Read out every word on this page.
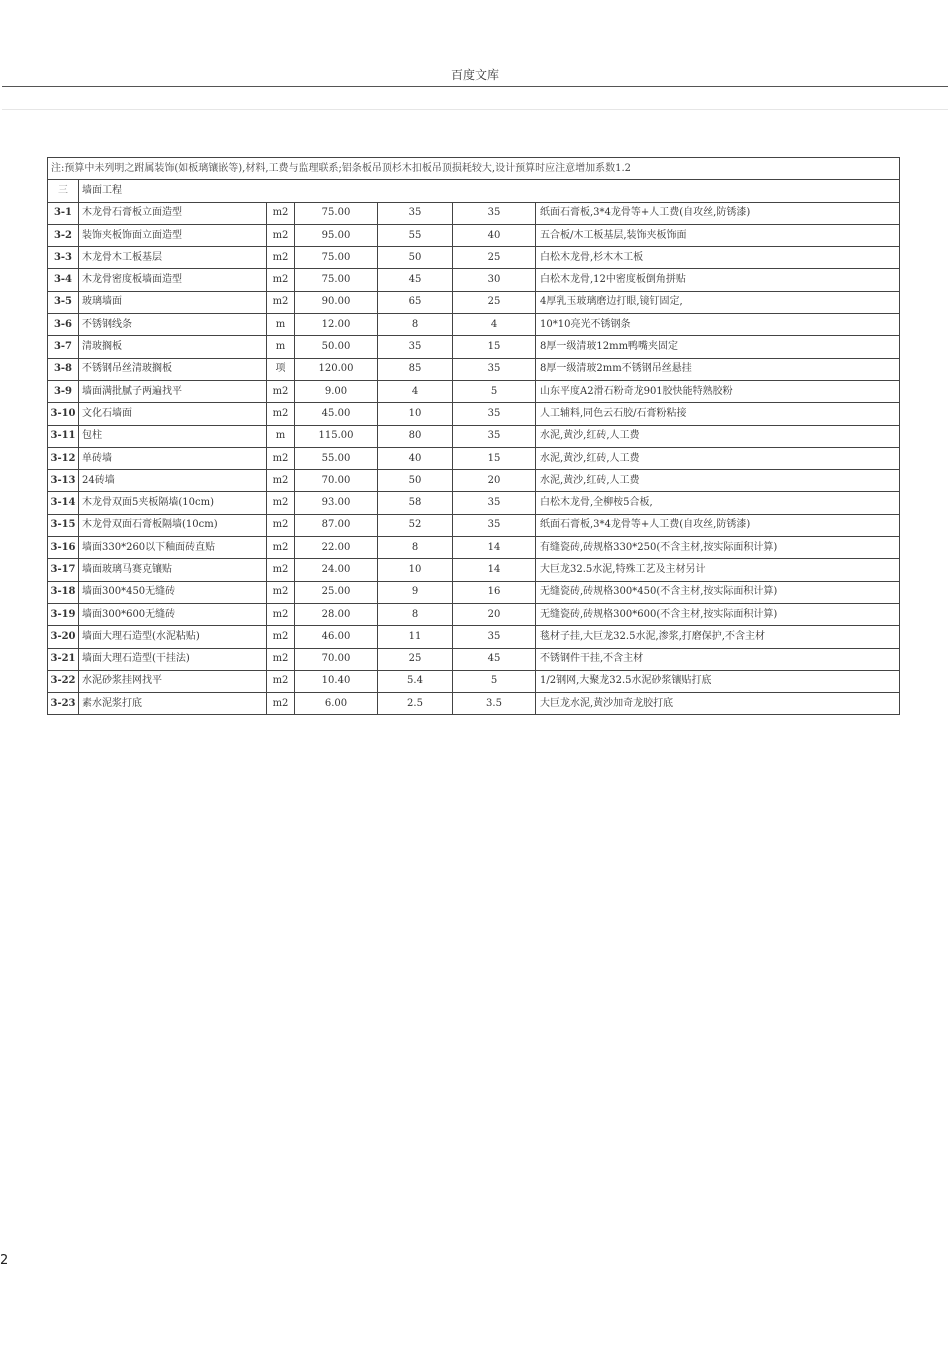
百度文库
注:预算中未列明之跗属装饰(如板璃镶嵌等),材料,工费与监理联系;铝条板吊顶杉木扣板吊顶损耗较大,设计预算时应注意增加系数1.2						
三	墙面工程					
3-1	木龙骨石膏板立面造型	m2	75.00	35	35	纸面石膏板,3*4龙骨等+人工费(自攻丝,防锈漆)
3-2	装饰夹板饰面立面造型	m2	95.00	55	40	五合板/木工板基层,装饰夹板饰面
3-3	木龙骨木工板基层	m2	75.00	50	25	白松木龙骨,杉木木工板
3-4	木龙骨密度板墙面造型	m2	75.00	45	30	白松木龙骨,12中密度板倒角拼贴
3-5	玻璃墙面	m2	90.00	65	25	4厚乳玉玻璃磨边打眼,镜钉固定,
3-6	不锈钢线条	m	12.00	8	4	10*10亮光不锈钢条
3-7	清玻搁板	m	50.00	35	15	8厚一级清玻12mm鸭嘴夹固定
3-8	不锈钢吊丝清玻搁板	项	120.00	85	35	8厚一级清玻2mm不锈钢吊丝悬挂
3-9	墙面满批腻子两遍找平	m2	9.00	4	5	山东平度A2滑石粉奇龙901胶快能特熟胶粉
3-10	文化石墙面	m2	45.00	10	35	人工辅料,同色云石胶/石膏粉粘接
3-11	包柱	m	115.00	80	35	水泥,黄沙,红砖,人工费
3-12	单砖墙	m2	55.00	40	15	水泥,黄沙,红砖,人工费
3-13	24砖墙	m2	70.00	50	20	水泥,黄沙,红砖,人工费
3-14	木龙骨双面5夹板隔墙(10cm)	m2	93.00	58	35	白松木龙骨,全柳桉5合板,
3-15	木龙骨双面石膏板隔墙(10cm)	m2	87.00	52	35	纸面石膏板,3*4龙骨等+人工费(自攻丝,防锈漆)
3-16	墙面330*260以下釉面砖直贴	m2	22.00	8	14	有缝瓷砖,砖规格330*250(不含主材,按实际面积计算)
3-17	墙面玻璃马赛克镶贴	m2	24.00	10	14	大巨龙32.5水泥,特殊工艺及主材另计
3-18	墙面300*450无缝砖	m2	25.00	9	16	无缝瓷砖,砖规格300*450(不含主材,按实际面积计算)
3-19	墙面300*600无缝砖	m2	28.00	8	20	无缝瓷砖,砖规格300*600(不含主材,按实际面积计算)
3-20	墙面大理石造型(水泥粘贴)	m2	46.00	11	35	毯材子挂,大巨龙32.5水泥,渗浆,打磨保护,不含主材
3-21	墙面大理石造型(干挂法)	m2	70.00	25	45	不锈钢件干挂,不含主材
3-22	水泥砂浆挂网找平	m2	10.40	5.4	5	1/2钢网,大聚龙32.5水泥砂浆镶贴打底
3-23	素水泥浆打底	m2	6.00	2.5	3.5	大巨龙水泥,黄沙加奇龙胶打底
2
